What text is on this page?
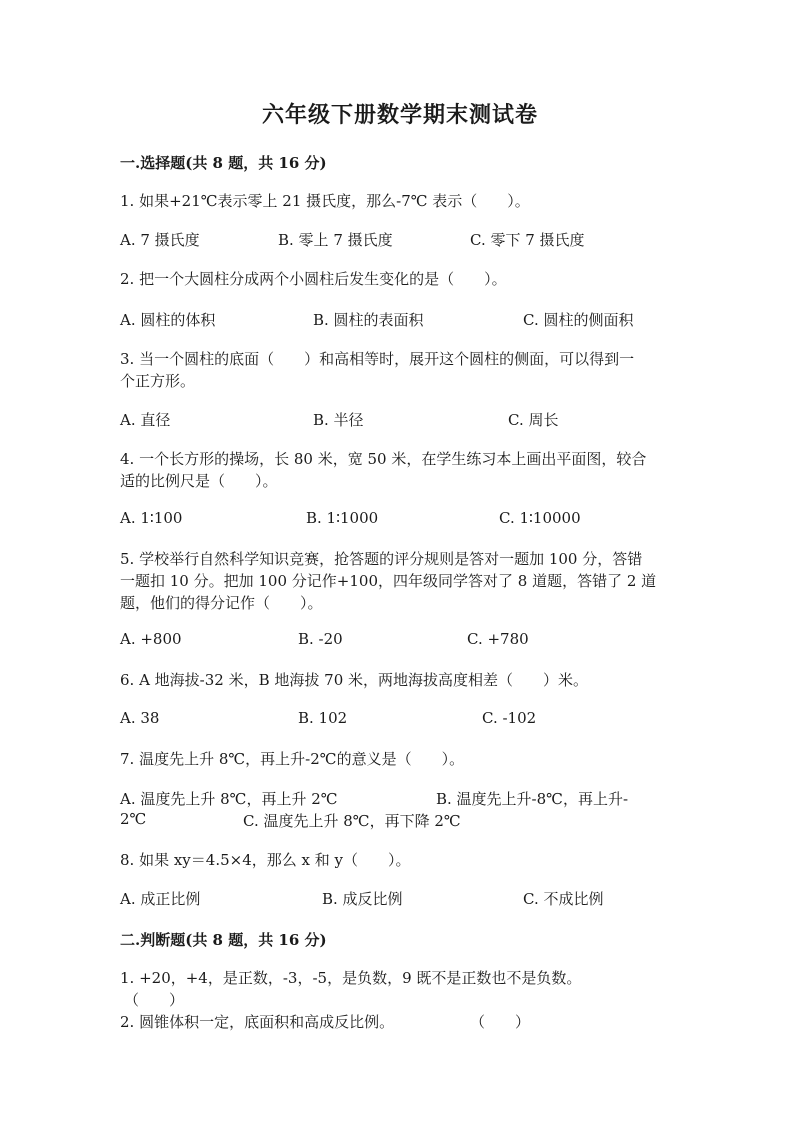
六年级下册数学期末测试卷
一.选择题(共 8 题，共 16 分)
1. 如果+21℃表示零上 21 摄氏度，那么-7℃ 表示（　　）。
A. 7 摄氏度	B. 零上 7 摄氏度	C. 零下 7 摄氏度
2. 把一个大圆柱分成两个小圆柱后发生变化的是（　　）。
A. 圆柱的体积	B. 圆柱的表面积	C. 圆柱的侧面积
3. 当一个圆柱的底面（　　）和高相等时，展开这个圆柱的侧面，可以得到一
个正方形。
A. 直径	B. 半径	C. 周长
4. 一个长方形的操场，长 80 米，宽 50 米，在学生练习本上画出平面图，较合
适的比例尺是（　　）。
A. 1∶100	B. 1∶1000	C. 1∶10000
5. 学校举行自然科学知识竞赛，抢答题的评分规则是答对一题加 100 分，答错
一题扣 10 分。把加 100 分记作+100，四年级同学答对了 8 道题，答错了 2 道
题，他们的得分记作（　　）。
A. +800	B. -20	C. +780
6. A 地海拔-32 米，B 地海拔 70 米，两地海拔高度相差（　　）米。
A. 38	B. 102	C. -102
7. 温度先上升 8℃，再上升-2℃的意义是（　　）。
A. 温度先上升 8℃，再上升 2℃	B. 温度先上升-8℃，再上升-
2℃	C. 温度先上升 8℃，再下降 2℃
8. 如果 xy＝4.5×4，那么 x 和 y（　　）。
A. 成正比例	B. 成反比例	C. 不成比例
二.判断题(共 8 题，共 16 分)
1. +20，+4，是正数，-3，-5，是负数，9 既不是正数也不是负数。
（　　）
2. 圆锥体积一定，底面积和高成反比例。	（　　）
